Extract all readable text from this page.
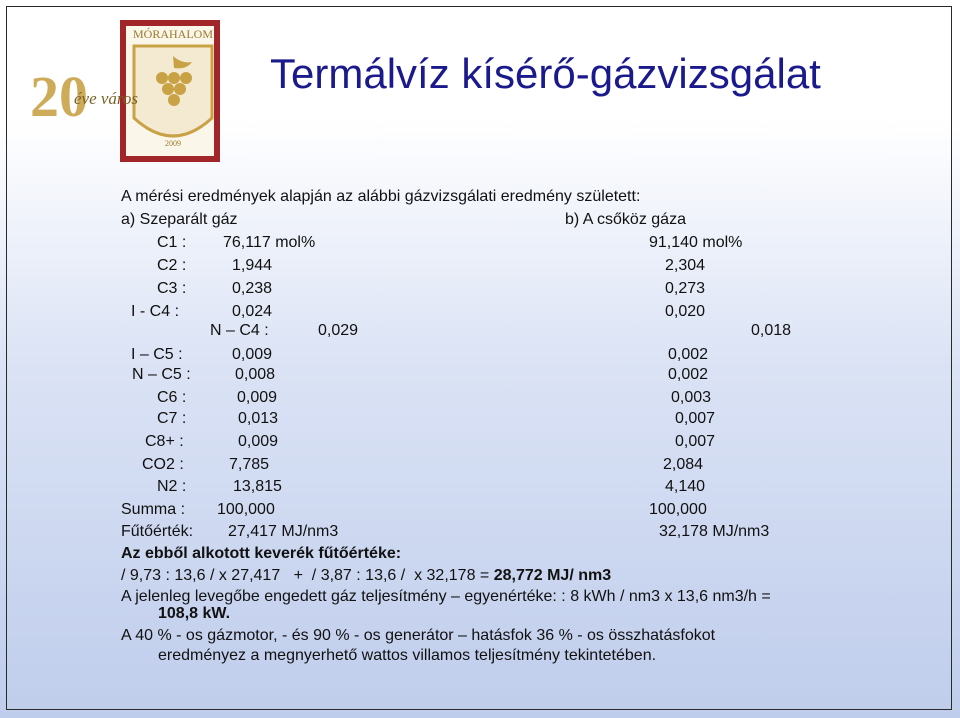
MÓRAHALOM
2009
20
éve város
Termálvíz kísérő-gázvizsgálat
A mérési eredmények alapján az alábbi gázvizsgálati eredmény született:
a) Szeparált gáz	b) A csőköz gáza
C1 : 76,117 mol%	91,140 mol%
C2 :	1,944	2,304
C3 :	0,238	0,273
I - C4 :	0,024	0,020
N – C4 :	0,029	0,018
I – C5 :	0,009	0,002
N – C5 :	0,008	0,002
C6 :	0,009	0,003
C7 :	0,013	0,007
C8+ :	0,009	0,007
CO2 :	7,785	2,084
N2 :	13,815	4,140
Summa : 100,000	100,000
Fűtőérték: 27,417 MJ/nm3	32,178 MJ/nm3
Az ebből alkotott keverék fűtőértéke:
/ 9,73 : 13,6 / x 27,417   +  / 3,87 : 13,6 /  x 32,178 = 28,772 MJ/ nm3
A jelenleg levegőbe engedett gáz teljesítmény – egyenértéke: : 8 kWh / nm3 x 13,6 nm3/h =
108,8 kW.
A 40 % - os gázmotor, - és 90 % - os generátor – hatásfok 36 % - os összhatásfokot
eredményez a megnyerhető wattos villamos teljesítmény tekintetében.
